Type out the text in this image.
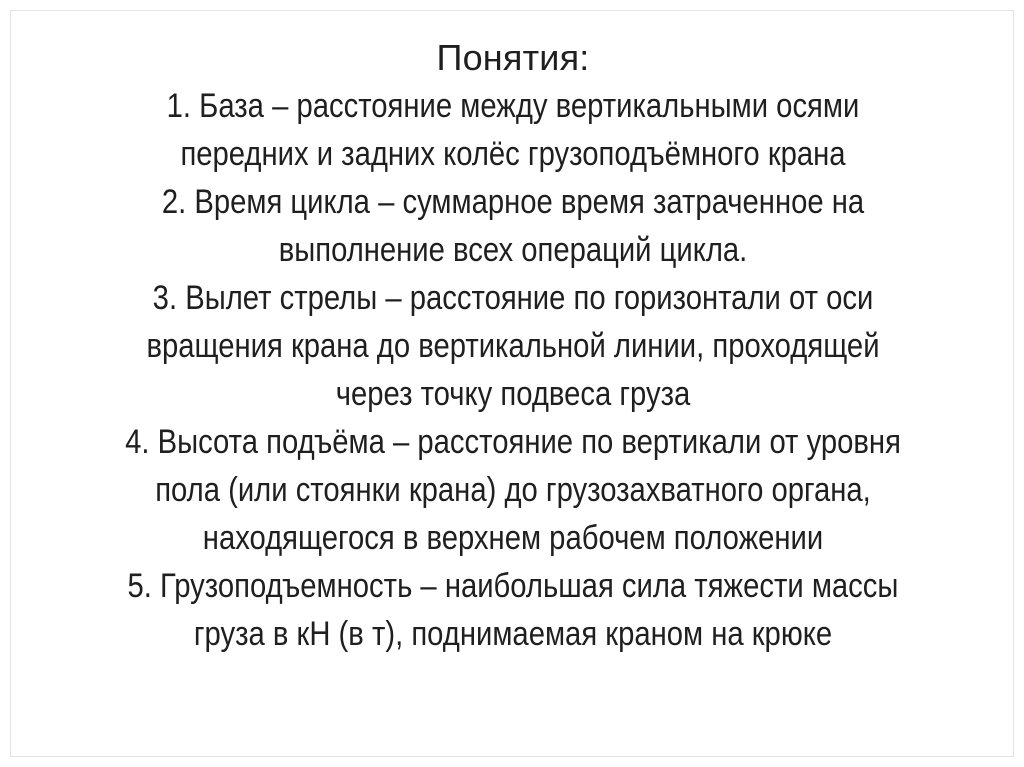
Понятия:
1. База – расстояние между вертикальными осями
передних и задних колёс грузоподъёмного крана
2. Время цикла – суммарное время затраченное на
выполнение всех операций цикла.
3. Вылет стрелы – расстояние по горизонтали от оси
вращения крана до вертикальной линии, проходящей
через точку подвеса груза
4. Высота подъёма – расстояние по вертикали от уровня
пола (или стоянки крана) до грузозахватного органа,
находящегося в верхнем рабочем положении
5. Грузоподъемность – наибольшая сила тяжести массы
груза в кН (в т), поднимаемая краном на крюке
